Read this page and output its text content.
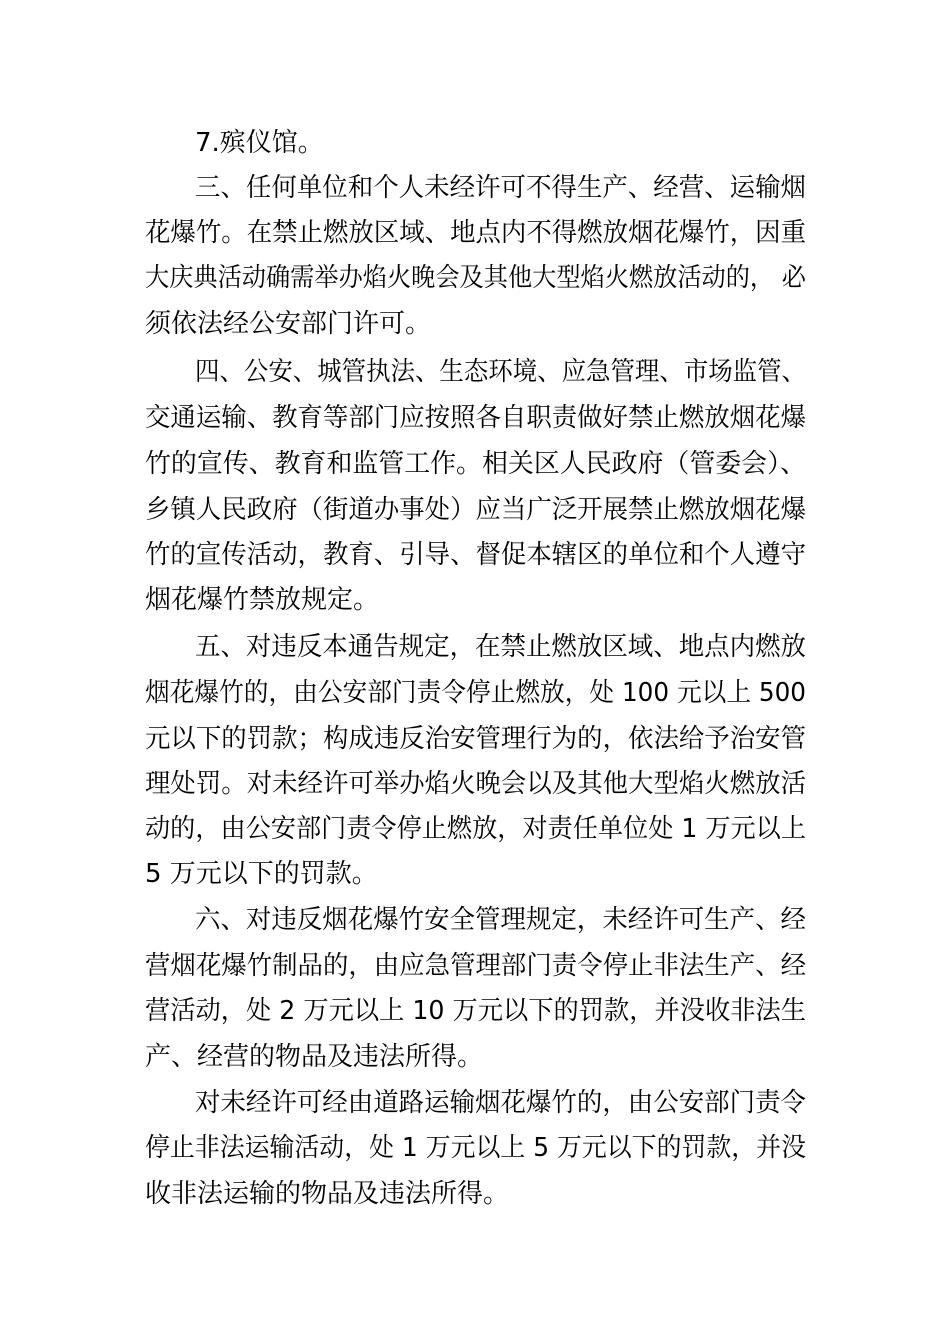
7.殡仪馆。
三、任何单位和个人未经许可不得生产、经营、运输烟
花爆竹。在禁止燃放区域、地点内不得燃放烟花爆竹，因重
大庆典活动确需举办焰火晚会及其他大型焰火燃放活动的， 必
须依法经公安部门许可。
四、公安、城管执法、生态环境、应急管理、市场监管、
交通运输、教育等部门应按照各自职责做好禁止燃放烟花爆
竹的宣传、教育和监管工作。相关区人民政府（管委会）、
乡镇人民政府（街道办事处）应当广泛开展禁止燃放烟花爆
竹的宣传活动，教育、引导、督促本辖区的单位和个人遵守
烟花爆竹禁放规定。
五、对违反本通告规定，在禁止燃放区域、地点内燃放
烟花爆竹的，由公安部门责令停止燃放，处 100 元以上 500
元以下的罚款；构成违反治安管理行为的，依法给予治安管
理处罚。对未经许可举办焰火晚会以及其他大型焰火燃放活
动的，由公安部门责令停止燃放，对责任单位处 1 万元以上
5 万元以下的罚款。
六、对违反烟花爆竹安全管理规定，未经许可生产、经
营烟花爆竹制品的，由应急管理部门责令停止非法生产、经
营活动，处 2 万元以上 10 万元以下的罚款，并没收非法生
产、经营的物品及违法所得。
对未经许可经由道路运输烟花爆竹的，由公安部门责令
停止非法运输活动，处 1 万元以上 5 万元以下的罚款，并没
收非法运输的物品及违法所得。
